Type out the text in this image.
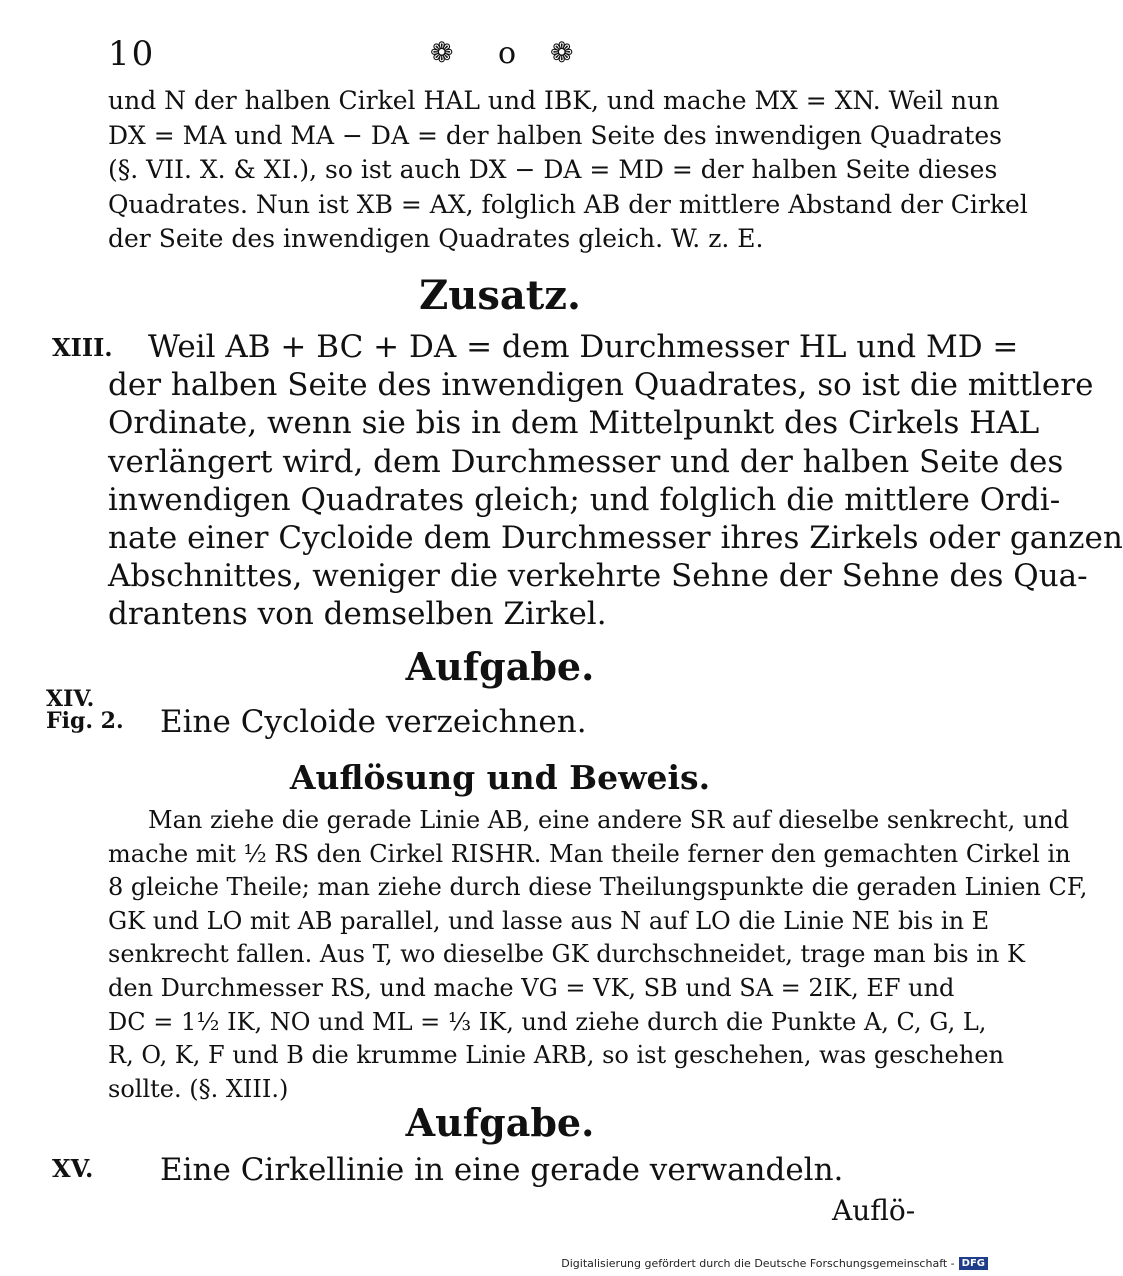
10	❁ o ❁
und N der halben Cirkel HAL und IBK, und mache MX = XN. Weil nun
DX = MA und MA − DA = der halben Seite des inwendigen Quadrates
(§. VII. X. & XI.), so ist auch DX − DA = MD = der halben Seite dieses
Quadrates. Nun ist XB = AX, folglich AB der mittlere Abstand der Cirkel
der Seite des inwendigen Quadrates gleich. W. z. E.
Zusatz.
XIII.	Weil AB + BC + DA = dem Durchmesser HL und MD =
der halben Seite des inwendigen Quadrates, so ist die mittlere
Ordinate, wenn sie bis in dem Mittelpunkt des Cirkels HAL
verlängert wird, dem Durchmesser und der halben Seite des
inwendigen Quadrates gleich; und folglich die mittlere Ordi-
nate einer Cycloide dem Durchmesser ihres Zirkels oder ganzen
Abschnittes, weniger die verkehrte Sehne der Sehne des Qua-
drantens von demselben Zirkel.
Aufgabe.
XIV.
Fig. 2. Eine Cycloide verzeichnen.
Auflösung und Beweis.
Man ziehe die gerade Linie AB, eine andere SR auf dieselbe senkrecht, und
mache mit ½ RS den Cirkel RISHR. Man theile ferner den gemachten Cirkel in
8 gleiche Theile; man ziehe durch diese Theilungspunkte die geraden Linien CF,
GK und LO mit AB parallel, und lasse aus N auf LO die Linie NE bis in E
senkrecht fallen. Aus T, wo dieselbe GK durchschneidet, trage man bis in K
den Durchmesser RS, und mache VG = VK, SB und SA = 2IK, EF und
DC = 1½ IK, NO und ML = ⅓ IK, und ziehe durch die Punkte A, C, G, L,
R, O, K, F und B die krumme Linie ARB, so ist geschehen, was geschehen
sollte. (§. XIII.)
Aufgabe.
XV. Eine Cirkellinie in eine gerade verwandeln.
Auflö-
Digitalisierung gefördert durch die Deutsche Forschungsgemeinschaft - DFG
